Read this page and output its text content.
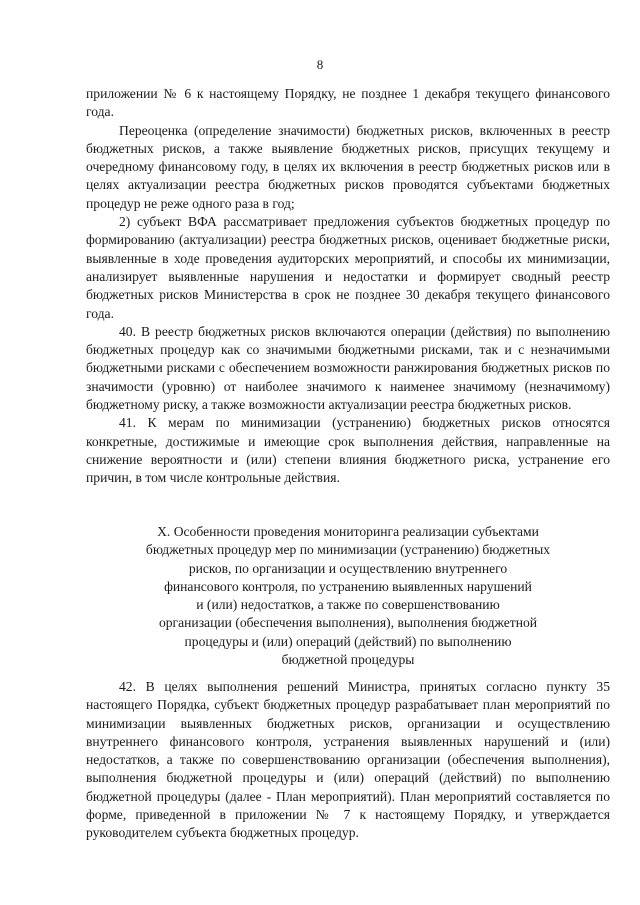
8

приложении № 6 к настоящему Порядку, не позднее 1 декабря текущего финансового года.

Переоценка (определение значимости) бюджетных рисков, включенных в реестр бюджетных рисков, а также выявление бюджетных рисков, присущих текущему и очередному финансовому году, в целях их включения в реестр бюджетных рисков или в целях актуализации реестра бюджетных рисков проводятся субъектами бюджетных процедур не реже одного раза в год;

2) субъект ВФА рассматривает предложения субъектов бюджетных процедур по формированию (актуализации) реестра бюджетных рисков, оценивает бюджетные риски, выявленные в ходе проведения аудиторских мероприятий, и способы их минимизации, анализирует выявленные нарушения и недостатки и формирует сводный реестр бюджетных рисков Министерства в срок не позднее 30 декабря текущего финансового года.

40. В реестр бюджетных рисков включаются операции (действия) по выполнению бюджетных процедур как со значимыми бюджетными рисками, так и с незначимыми бюджетными рисками с обеспечением возможности ранжирования бюджетных рисков по значимости (уровню) от наиболее значимого к наименее значимому (незначимому) бюджетному риску, а также возможности актуализации реестра бюджетных рисков.

41. К мерам по минимизации (устранению) бюджетных рисков относятся конкретные, достижимые и имеющие срок выполнения действия, направленные на снижение вероятности и (или) степени влияния бюджетного риска, устранение его причин, в том числе контрольные действия.

X. Особенности проведения мониторинга реализации субъектами
бюджетных процедур мер по минимизации (устранению) бюджетных
рисков, по организации и осуществлению внутреннего
финансового контроля, по устранению выявленных нарушений
и (или) недостатков, а также по совершенствованию
организации (обеспечения выполнения), выполнения бюджетной
процедуры и (или) операций (действий) по выполнению
бюджетной процедуры

42. В целях выполнения решений Министра, принятых согласно пункту 35 настоящего Порядка, субъект бюджетных процедур разрабатывает план мероприятий по минимизации выявленных бюджетных рисков, организации и осуществлению внутреннего финансового контроля, устранения выявленных нарушений и (или) недостатков, а также по совершенствованию организации (обеспечения выполнения), выполнения бюджетной процедуры и (или) операций (действий) по выполнению бюджетной процедуры (далее - План мероприятий). План мероприятий составляется по форме, приведенной в приложении № 7 к настоящему Порядку, и утверждается руководителем субъекта бюджетных процедур.
